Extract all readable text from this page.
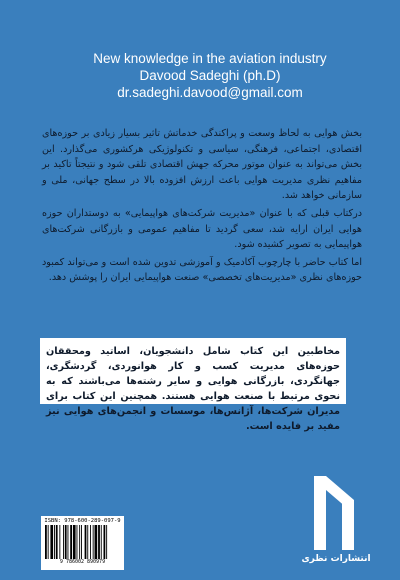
New knowledge in the aviation industry
Davood Sadeghi (ph.D)
dr.sadeghi.davood@gmail.com

بخش هوایی به لحاظ وسعت و پراکندگی خدماتش تاثیر بسیار زیادی بر حوزه‌های اقتصادی، اجتماعی، فرهنگی، سیاسی و تکنولوژیکی هرکشوری می‌گذارد. این بخش می‌تواند به عنوان موتور محرکه جهش اقتصادی تلقی شود و نتیجتاً تاکید بر مفاهیم نظری مدیریت هوایی باعث ارزش افزوده بالا در سطح جهانی، ملی و سازمانی خواهد شد.

درکتاب قبلی که با عنوان «مدیریت شرکت‌های هواپیمایی» به دوستداران حوزه هوایی ایران ارایه شد، سعی گردید تا مفاهیم عمومی و بازرگانی شرکت‌های هواپیمایی به تصویر کشیده شود.

اما کتاب حاضر با چارچوب آکادمیک و آموزشی تدوین شده است و می‌تواند کمبود حوزه‌های نظری «مدیریت‌های تخصصی» صنعت هواپیمایی ایران را پوشش دهد.

مخاطبین این کتاب شامل دانشجویان، اساتید ومحققان حوزه‌های مدیریت کسب و کار هوانوردی، گردشگری، جهانگردی، بازرگانی هوایی و سایر رشته‌ها می‌باشند که به نحوی مرتبط با صنعت هوایی هستند. همچنین این کتاب برای مدیران شرکت‌ها، آژانس‌ها، موسسات و انجمن‌های هوایی نیز مفید بر فایده است.
ISBN: 978-600-289-097-9
9 786002 890979	انتشارات نظری
